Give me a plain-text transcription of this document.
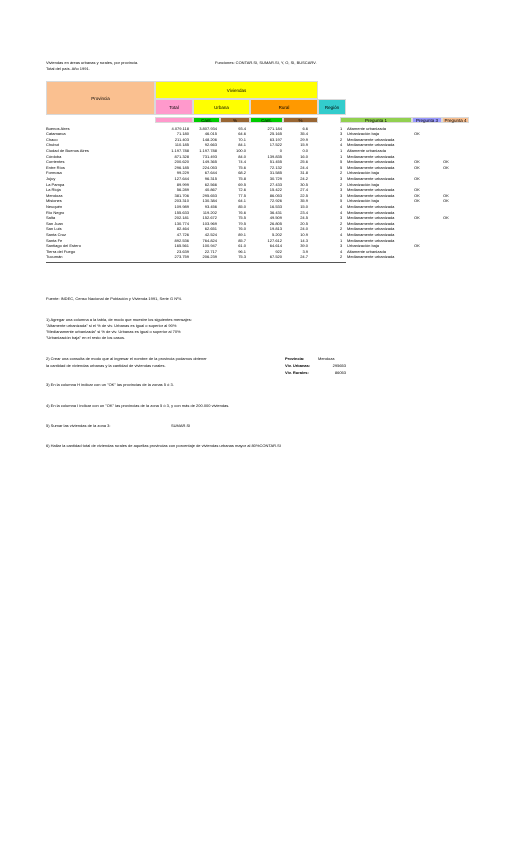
Viviendas en áreas urbanas y rurales, por provincia.
Total del país. Año 1991.
Funciones: CONTAR.SI, SUMAR.SI, Y, O, SI, BUSCARV.
Provincia
Viviendas
Total	Urbana	Rural	Región
Cant.	%	Cant.	%	Pregunta 1	Pregunta 3	Pregunta 4
Buenos Aires	4.079.118	3.807.934	93.4	271.184	6.6	1	Altamente urbanizada
Catamarca	71.180	46.015	64.6	25.165	35.4	3	Urbanización baja	OK
Chaco	211.403	148.206	70.1	63.197	29.9	2	Medianamente urbanizada
Chubut	110.185	92.663	84.1	17.522	15.9	4	Medianamente urbanizada
Ciudad de Buenos Aires	1.197.788	1.197.788	100.0	0	0.0	1	Altamente urbanizada
Córdoba	871.328	731.493	84.0	139.835	16.0	1	Medianamente urbanizada
Corrientes	200.620	149.365	74.4	51.455	25.6	5	Medianamente urbanizada	OK	OK
Entre Ríos	296.185	224.053	75.6	72.132	24.4	5	Medianamente urbanizada	OK	OK
Formosa	99.229	67.644	68.2	31.585	31.8	2	Urbanización baja
Jujuy	127.644	96.315	75.8	30.729	24.2	3	Medianamente urbanizada	OK
La Pampa	89.999	62.566	69.5	27.433	30.5	2	Urbanización baja
La Rioja	56.289	40.867	72.6	15.422	27.4	3	Medianamente urbanizada	OK
Mendoza	381.706	295.653	77.5	86.053	22.5	3	Medianamente urbanizada	OK	OK
Misiones	203.310	130.384	64.1	72.926	35.9	5	Urbanización baja	OK	OK
Neuquén	109.989	93.456	85.0	16.533	15.0	4	Medianamente urbanizada
Río Negro	155.633	119.202	76.6	36.431	23.4	4	Medianamente urbanizada
Salta	202.181	152.672	75.5	49.509	24.5	3	Medianamente urbanizada	OK	OK
San Juan	130.774	103.969	79.5	26.805	20.5	2	Medianamente urbanizada
San Luis	82.464	62.651	76.0	19.813	24.0	2	Medianamente urbanizada
Santa Cruz	47.726	42.524	89.1	5.202	10.9	4	Medianamente urbanizada
Santa Fe	892.536	764.824	85.7	127.612	14.3	1	Medianamente urbanizada
Santiago del Estero	165.561	100.947	61.0	64.614	39.0	3	Urbanización baja	OK
Tierra del Fuego	23.639	22.717	96.1	922	3.9	4	Altamente urbanizada
Tucumán	273.759	206.239	75.3	67.520	24.7	2	Medianamente urbanizada
Fuente: INDEC, Censo Nacional de Población y Vivienda 1991, Serie G Nº4.
1) Agregar una columna a la tabla, de modo que muestre los siguientes mensajes:
"Altamente urbanizada" si el % de viv. Urbanas es igual o superior al 90%
"Medianamente urbanizada" si % de viv. Urbanas es igual o superior al 70%
"Urbanización baja" en el resto de los casos.
2) Crear una consulta de modo que al ingresar el nombre de la provincia podamos obtener
la cantidad de viviendas urbanas y la cantidad de viviendas rurales.
Provincia:	Mendoza
Viv. Urbanas:	295653
Viv. Rurales:	86053
3) En la columna H indicar con un "OK" las provincias de la zonas 5 ó 3.
4) En la columna I indicar con un "OK" las provincias de la zona 5 ó 3, y con más de 200.000 viviendas.
5) Sumar las viviendas de la zona 3:	SUMAR.SI
6) Hallar la cantidad total de viviendas rurales de aquellas provincias con porcentaje de viviendas urbanas mayor al 80%CONTAR.SI
